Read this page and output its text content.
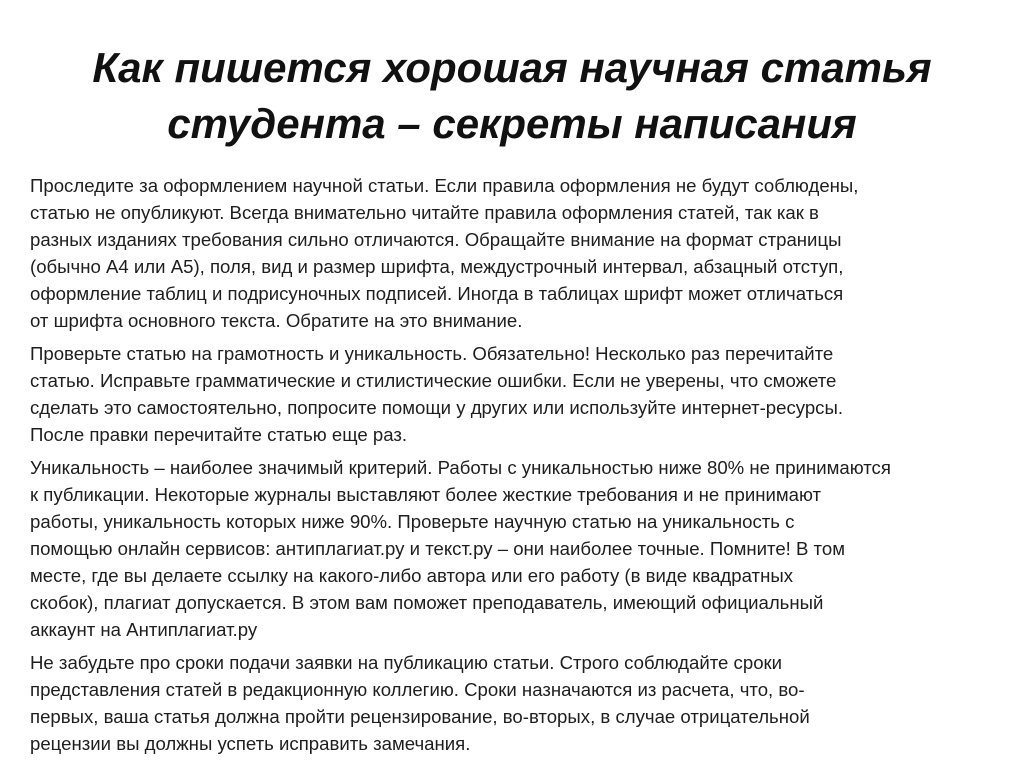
Как пишется хорошая научная статья
студента – секреты написания

Проследите за оформлением научной статьи. Если правила оформления не будут соблюдены,
статью не опубликуют. Всегда внимательно читайте правила оформления статей, так как в
разных изданиях требования сильно отличаются. Обращайте внимание на формат страницы
(обычно А4 или А5), поля, вид и размер шрифта, междустрочный интервал, абзацный отступ,
оформление таблиц и подрисуночных подписей. Иногда в таблицах шрифт может отличаться
от шрифта основного текста. Обратите на это внимание.

Проверьте статью на грамотность и уникальность. Обязательно! Несколько раз перечитайте
статью. Исправьте грамматические и стилистические ошибки. Если не уверены, что сможете
сделать это самостоятельно, попросите помощи у других или используйте интернет-ресурсы.
После правки перечитайте статью еще раз.

Уникальность – наиболее значимый критерий. Работы с уникальностью ниже 80% не принимаются
к публикации. Некоторые журналы выставляют более жесткие требования и не принимают
работы, уникальность которых ниже 90%. Проверьте научную статью на уникальность с
помощью онлайн сервисов: антиплагиат.ру и текст.ру – они наиболее точные. Помните! В том
месте, где вы делаете ссылку на какого-либо автора или его работу (в виде квадратных
скобок), плагиат допускается. В этом вам поможет преподаватель, имеющий официальный
аккаунт на Антиплагиат.ру

Не забудьте про сроки подачи заявки на публикацию статьи. Строго соблюдайте сроки
представления статей в редакционную коллегию. Сроки назначаются из расчета, что, во-
первых, ваша статья должна пройти рецензирование, во-вторых, в случае отрицательной
рецензии вы должны успеть исправить замечания.
